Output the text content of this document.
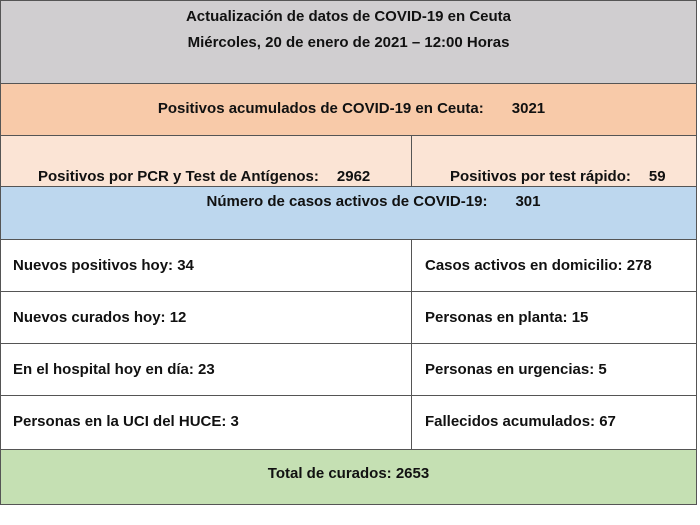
Actualización de datos de COVID-19 en Ceuta
Miércoles, 20 de enero de 2021 – 12:00 Horas
Positivos acumulados de COVID-19 en Ceuta: 3021

Positivos por PCR y Test de Antígenos: 2962
	Positivos por test rápido: 59

Número de casos activos de COVID-19: 301
Nuevos positivos hoy: 34	Casos activos en domicilio: 278
Nuevos curados hoy: 12	Personas en planta: 15
En el hospital hoy en día: 23	Personas en urgencias: 5
Personas en la UCI del HUCE: 3	Fallecidos acumulados: 67
Total de curados: 2653
